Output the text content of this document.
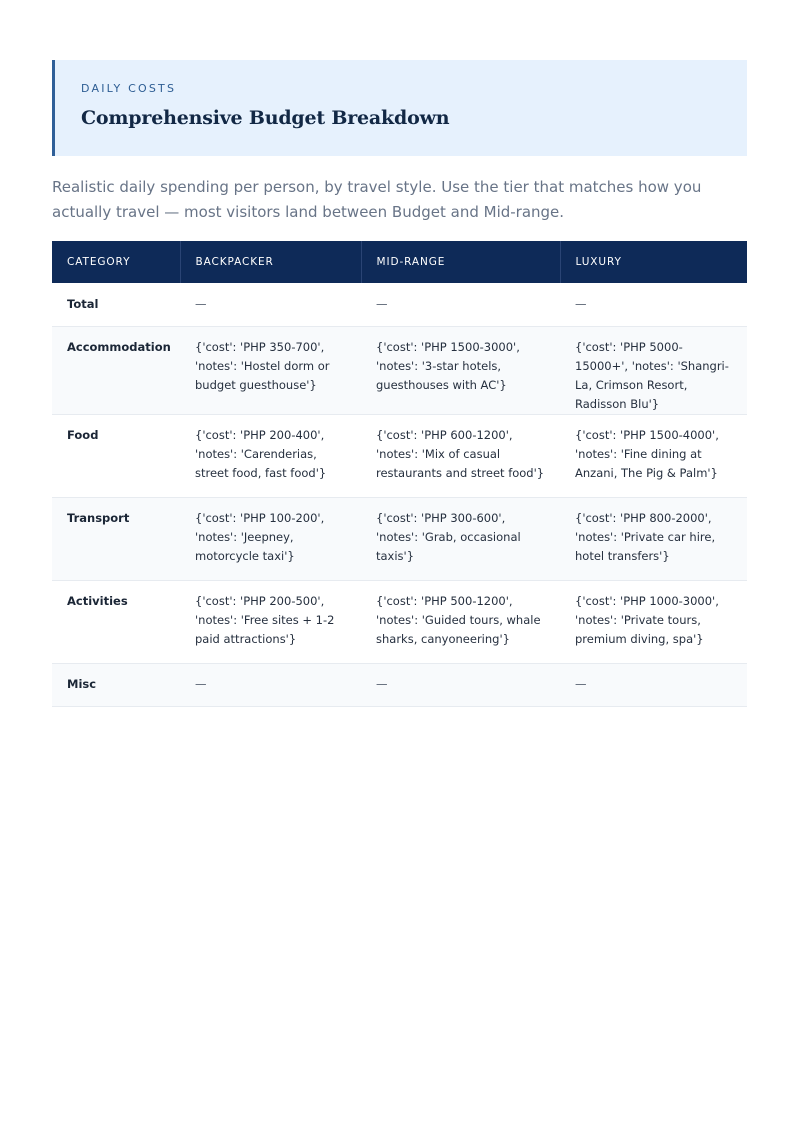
DAILY COSTS

Comprehensive Budget Breakdown

Realistic daily spending per person, by travel style. Use the tier that matches how you actually travel — most visitors land between Budget and Mid-range.

CATEGORY	BACKPACKER	MID-RANGE	LUXURY
Total	—	—	—
Accommodation	{'cost': 'PHP 350-700', 'notes': 'Hostel dorm or budget guesthouse'}	{'cost': 'PHP 1500-3000', 'notes': '3-star hotels, guesthouses with AC'}	{'cost': 'PHP 5000-15000+', 'notes': 'Shangri-La, Crimson Resort, Radisson Blu'}
Food	{'cost': 'PHP 200-400', 'notes': 'Carenderias, street food, fast food'}	{'cost': 'PHP 600-1200', 'notes': 'Mix of casual restaurants and street food'}	{'cost': 'PHP 1500-4000', 'notes': 'Fine dining at Anzani, The Pig & Palm'}
Transport	{'cost': 'PHP 100-200', 'notes': 'Jeepney, motorcycle taxi'}	{'cost': 'PHP 300-600', 'notes': 'Grab, occasional taxis'}	{'cost': 'PHP 800-2000', 'notes': 'Private car hire, hotel transfers'}
Activities	{'cost': 'PHP 200-500', 'notes': 'Free sites + 1-2 paid attractions'}	{'cost': 'PHP 500-1200', 'notes': 'Guided tours, whale sharks, canyoneering'}	{'cost': 'PHP 1000-3000', 'notes': 'Private tours, premium diving, spa'}
Misc	—	—	—
